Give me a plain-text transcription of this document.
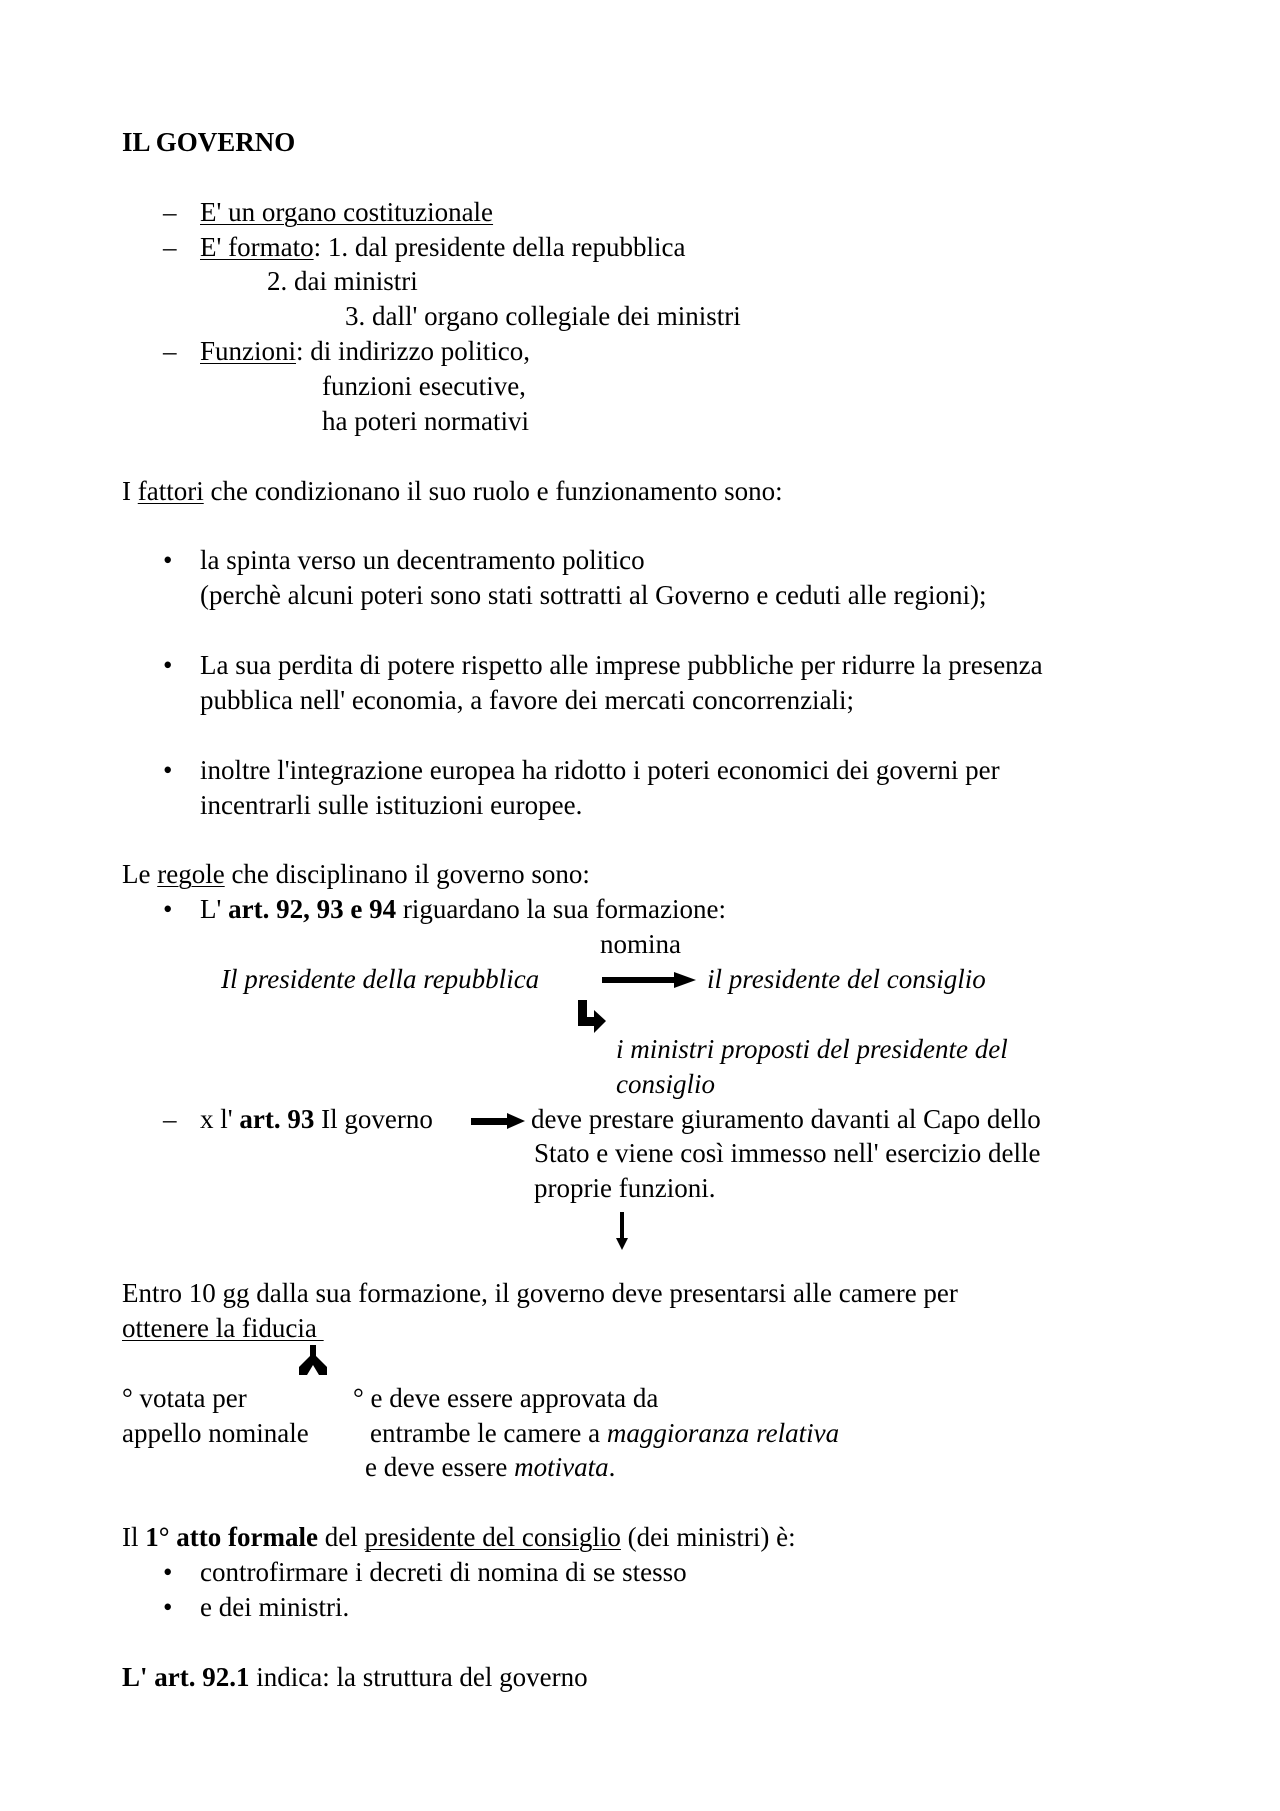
IL GOVERNO
– E' un organo costituzionale
– E' formato: 1. dal presidente della repubblica
2. dai ministri
3. dall' organo collegiale dei ministri
– Funzioni: di indirizzo politico,
funzioni esecutive,
ha poteri normativi
I fattori che condizionano il suo ruolo e funzionamento sono:
• la spinta verso un decentramento politico
(perchè alcuni poteri sono stati sottratti al Governo e ceduti alle regioni);
• La sua perdita di potere rispetto alle imprese pubbliche per ridurre la presenza
pubblica nell' economia, a favore dei mercati concorrenziali;
• inoltre l'integrazione europea ha ridotto i poteri economici dei governi per
incentrarli sulle istituzioni europee.
Le regole che disciplinano il governo sono:
• L' art. 92, 93 e 94 riguardano la sua formazione:
nomina
Il presidente della repubblica	il presidente del consiglio
i ministri proposti del presidente del
consiglio
– x l' art. 93 Il governo	deve prestare giuramento davanti al Capo dello
Stato e viene così immesso nell' esercizio delle
proprie funzioni.
Entro 10 gg dalla sua formazione, il governo deve presentarsi alle camere per
ottenere la fiducia
° votata per
appello nominale
° e deve essere approvata da
entrambe le camere a maggioranza relativa
e deve essere motivata.
Il 1° atto formale del presidente del consiglio (dei ministri) è:
• controfirmare i decreti di nomina di se stesso
• e dei ministri.
L' art. 92.1 indica: la struttura del governo
